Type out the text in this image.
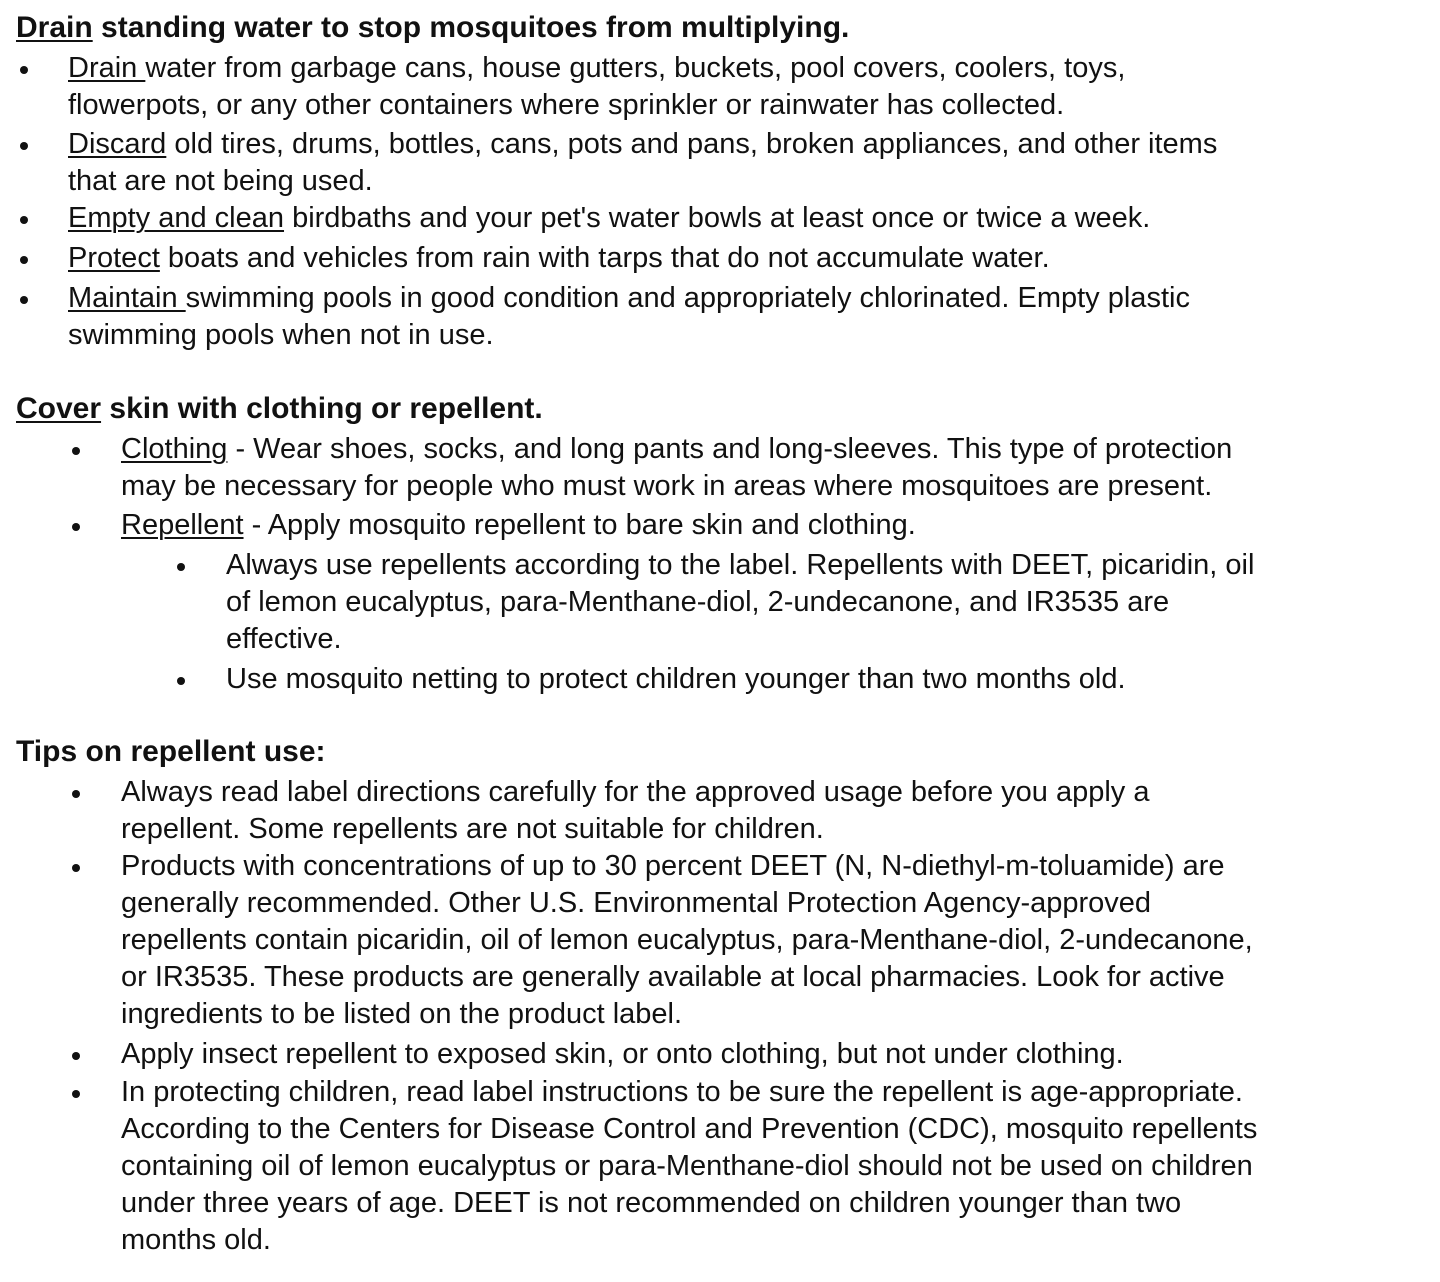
Drain standing water to stop mosquitoes from multiplying.
Drain water from garbage cans, house gutters, buckets, pool covers, coolers, toys,
flowerpots, or any other containers where sprinkler or rainwater has collected.
Discard old tires, drums, bottles, cans, pots and pans, broken appliances, and other items
that are not being used.
Empty and clean birdbaths and your pet's water bowls at least once or twice a week.
Protect boats and vehicles from rain with tarps that do not accumulate water.
Maintain swimming pools in good condition and appropriately chlorinated. Empty plastic
swimming pools when not in use.
Cover skin with clothing or repellent.
Clothing - Wear shoes, socks, and long pants and long-sleeves. This type of protection
may be necessary for people who must work in areas where mosquitoes are present.
Repellent - Apply mosquito repellent to bare skin and clothing.
Always use repellents according to the label. Repellents with DEET, picaridin, oil
of lemon eucalyptus, para-Menthane-diol, 2-undecanone, and IR3535 are
effective.
Use mosquito netting to protect children younger than two months old.
Tips on repellent use:
Always read label directions carefully for the approved usage before you apply a
repellent. Some repellents are not suitable for children.
Products with concentrations of up to 30 percent DEET (N, N-diethyl-m-toluamide) are
generally recommended. Other U.S. Environmental Protection Agency-approved
repellents contain picaridin, oil of lemon eucalyptus, para-Menthane-diol, 2-undecanone,
or IR3535. These products are generally available at local pharmacies. Look for active
ingredients to be listed on the product label.
Apply insect repellent to exposed skin, or onto clothing, but not under clothing.
In protecting children, read label instructions to be sure the repellent is age-appropriate.
According to the Centers for Disease Control and Prevention (CDC), mosquito repellents
containing oil of lemon eucalyptus or para-Menthane-diol should not be used on children
under three years of age. DEET is not recommended on children younger than two
months old.
